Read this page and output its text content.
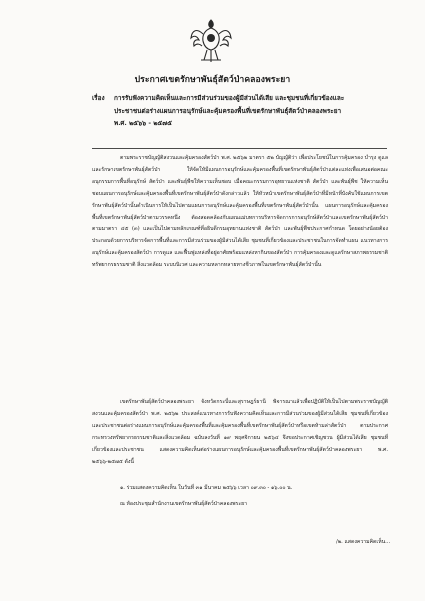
ประกาศเขตรักษาพันธุ์สัตว์ป่าคลองพระยา
เรื่อง การรับฟังความคิดเห็นและการมีส่วนร่วมของผู้มีส่วนได้เสีย และชุมชนที่เกี่ยวข้องและ
ประชาชนต่อร่างแผนการอนุรักษ์และคุ้มครองพื้นที่เขตรักษาพันธุ์สัตว์ป่าคลองพระยา
พ.ศ. ๒๕๖๖ - ๒๕๗๕
ตามพระราชบัญญัติสงวนและคุ้มครองสัตว์ป่า พ.ศ. ๒๕๖๒ มาตรา ๕๒ บัญญัติว่า เพื่อประโยชน์ในการคุ้มครอง บำรุง ดูแล และรักษาเขตรักษาพันธุ์สัตว์ป่า ให้จัดให้มีแผนการอนุรักษ์และคุ้มครองพื้นที่เขตรักษาพันธุ์สัตว์ป่าแต่ละแห่งเพื่อเสนอต่อคณะอนุกรรมการพื้นที่อนุรักษ์ สัตว์ป่า และพันธุ์พืชให้ความเห็นชอบ เมื่อคณะกรรมการอุทยานแห่งชาติ สัตว์ป่า และพันธุ์พืช ให้ความเห็นชอบแผนการอนุรักษ์และคุ้มครองพื้นที่เขตรักษาพันธุ์สัตว์ป่าดังกล่าวแล้ว ให้หัวหน้าเขตรักษาพันธุ์สัตว์ป่าที่มีหน้าที่บังคับใช้แผนการเขตรักษาพันธุ์สัตว์ป่านั้นดำเนินการให้เป็นไปตามแผนการอนุรักษ์และคุ้มครองพื้นที่เขตรักษาพันธุ์สัตว์ป่านั้น แผนการอนุรักษ์และคุ้มครองพื้นที่เขตรักษาพันธุ์สัตว์ป่าตามวรรคหนึ่ง ต้องสอดคล้องกับแผนแม่บทการบริหารจัดการการอนุรักษ์สัตว์ป่าและเขตรักษาพันธุ์สัตว์ป่า ตามมาตรา ๔๕ (๓) และเป็นไปตามหลักเกณฑ์ที่อธิบดีกรมอุทยานแห่งชาติ สัตว์ป่า และพันธุ์พืชประกาศกำหนด โดยอย่างน้อยต้องประกอบด้วยการบริหารจัดการพื้นที่และการมีส่วนร่วมของผู้มีส่วนได้เสีย ชุมชนที่เกี่ยวข้องและประชาชนในการจัดทำแผน แนวทางการอนุรักษ์และคุ้มครองสัตว์ป่า การดูแล และฟื้นฟูแหล่งที่อยู่อาศัยพร้อมแหล่งหากินของสัตว์ป่า การคุ้มครองและดูแลรักษาสภาพธรรมชาติ ทรัพยากรธรรมชาติ สิ่งแวดล้อม ระบบนิเวศ และความหลากหลายทางชีวภาพในเขตรักษาพันธุ์สัตว์ป่านั้น
เขตรักษาพันธุ์สัตว์ป่าคลองพระยา จังหวัดกระบี่และสุราษฎร์ธานี พิจารณาแล้วเพื่อปฏิบัติให้เป็นไปตามพระราชบัญญัติสงวนและคุ้มครองสัตว์ป่า พ.ศ. ๒๕๖๒ ประสงค์แนวทางการรับฟังความคิดเห็นและการมีส่วนร่วมของผู้มีส่วนได้เสีย ชุมชนที่เกี่ยวข้องและประชาชนต่อร่างแผนการอนุรักษ์และคุ้มครองพื้นที่และคุ้มครองพื้นที่เขตรักษาพันธุ์สัตว์ป่าหรือเขตห้ามล่าสัตว์ป่า ตามประกาศกระทรวงทรัพยากรธรรมชาติและสิ่งแวดล้อม ฉบับลงวันที่ ๑๙ พฤศจิกายน ๒๕๖๔ จึงขอประกาศเชิญชวน ผู้มีส่วนได้เสีย ชุมชนที่เกี่ยวข้องและประชาชน แสดงความคิดเห็นต่อร่างแผนการอนุรักษ์และคุ้มครองพื้นที่เขตรักษาพันธุ์สัตว์ป่าคลองพระยา พ.ศ. ๒๕๖๖-๒๕๗๕ ดังนี้
๑. ร่วมแสดงความคิดเห็น ในวันที่ ๓๑ มีนาคม ๒๕๖๖ เวลา ๐๙.๓๐ - ๑๖.๐๐ น.
ณ ห้องประชุมสำนักงานเขตรักษาพันธุ์สัตว์ป่าคลองพระยา
/๒. แสดงความคิดเห็น...
